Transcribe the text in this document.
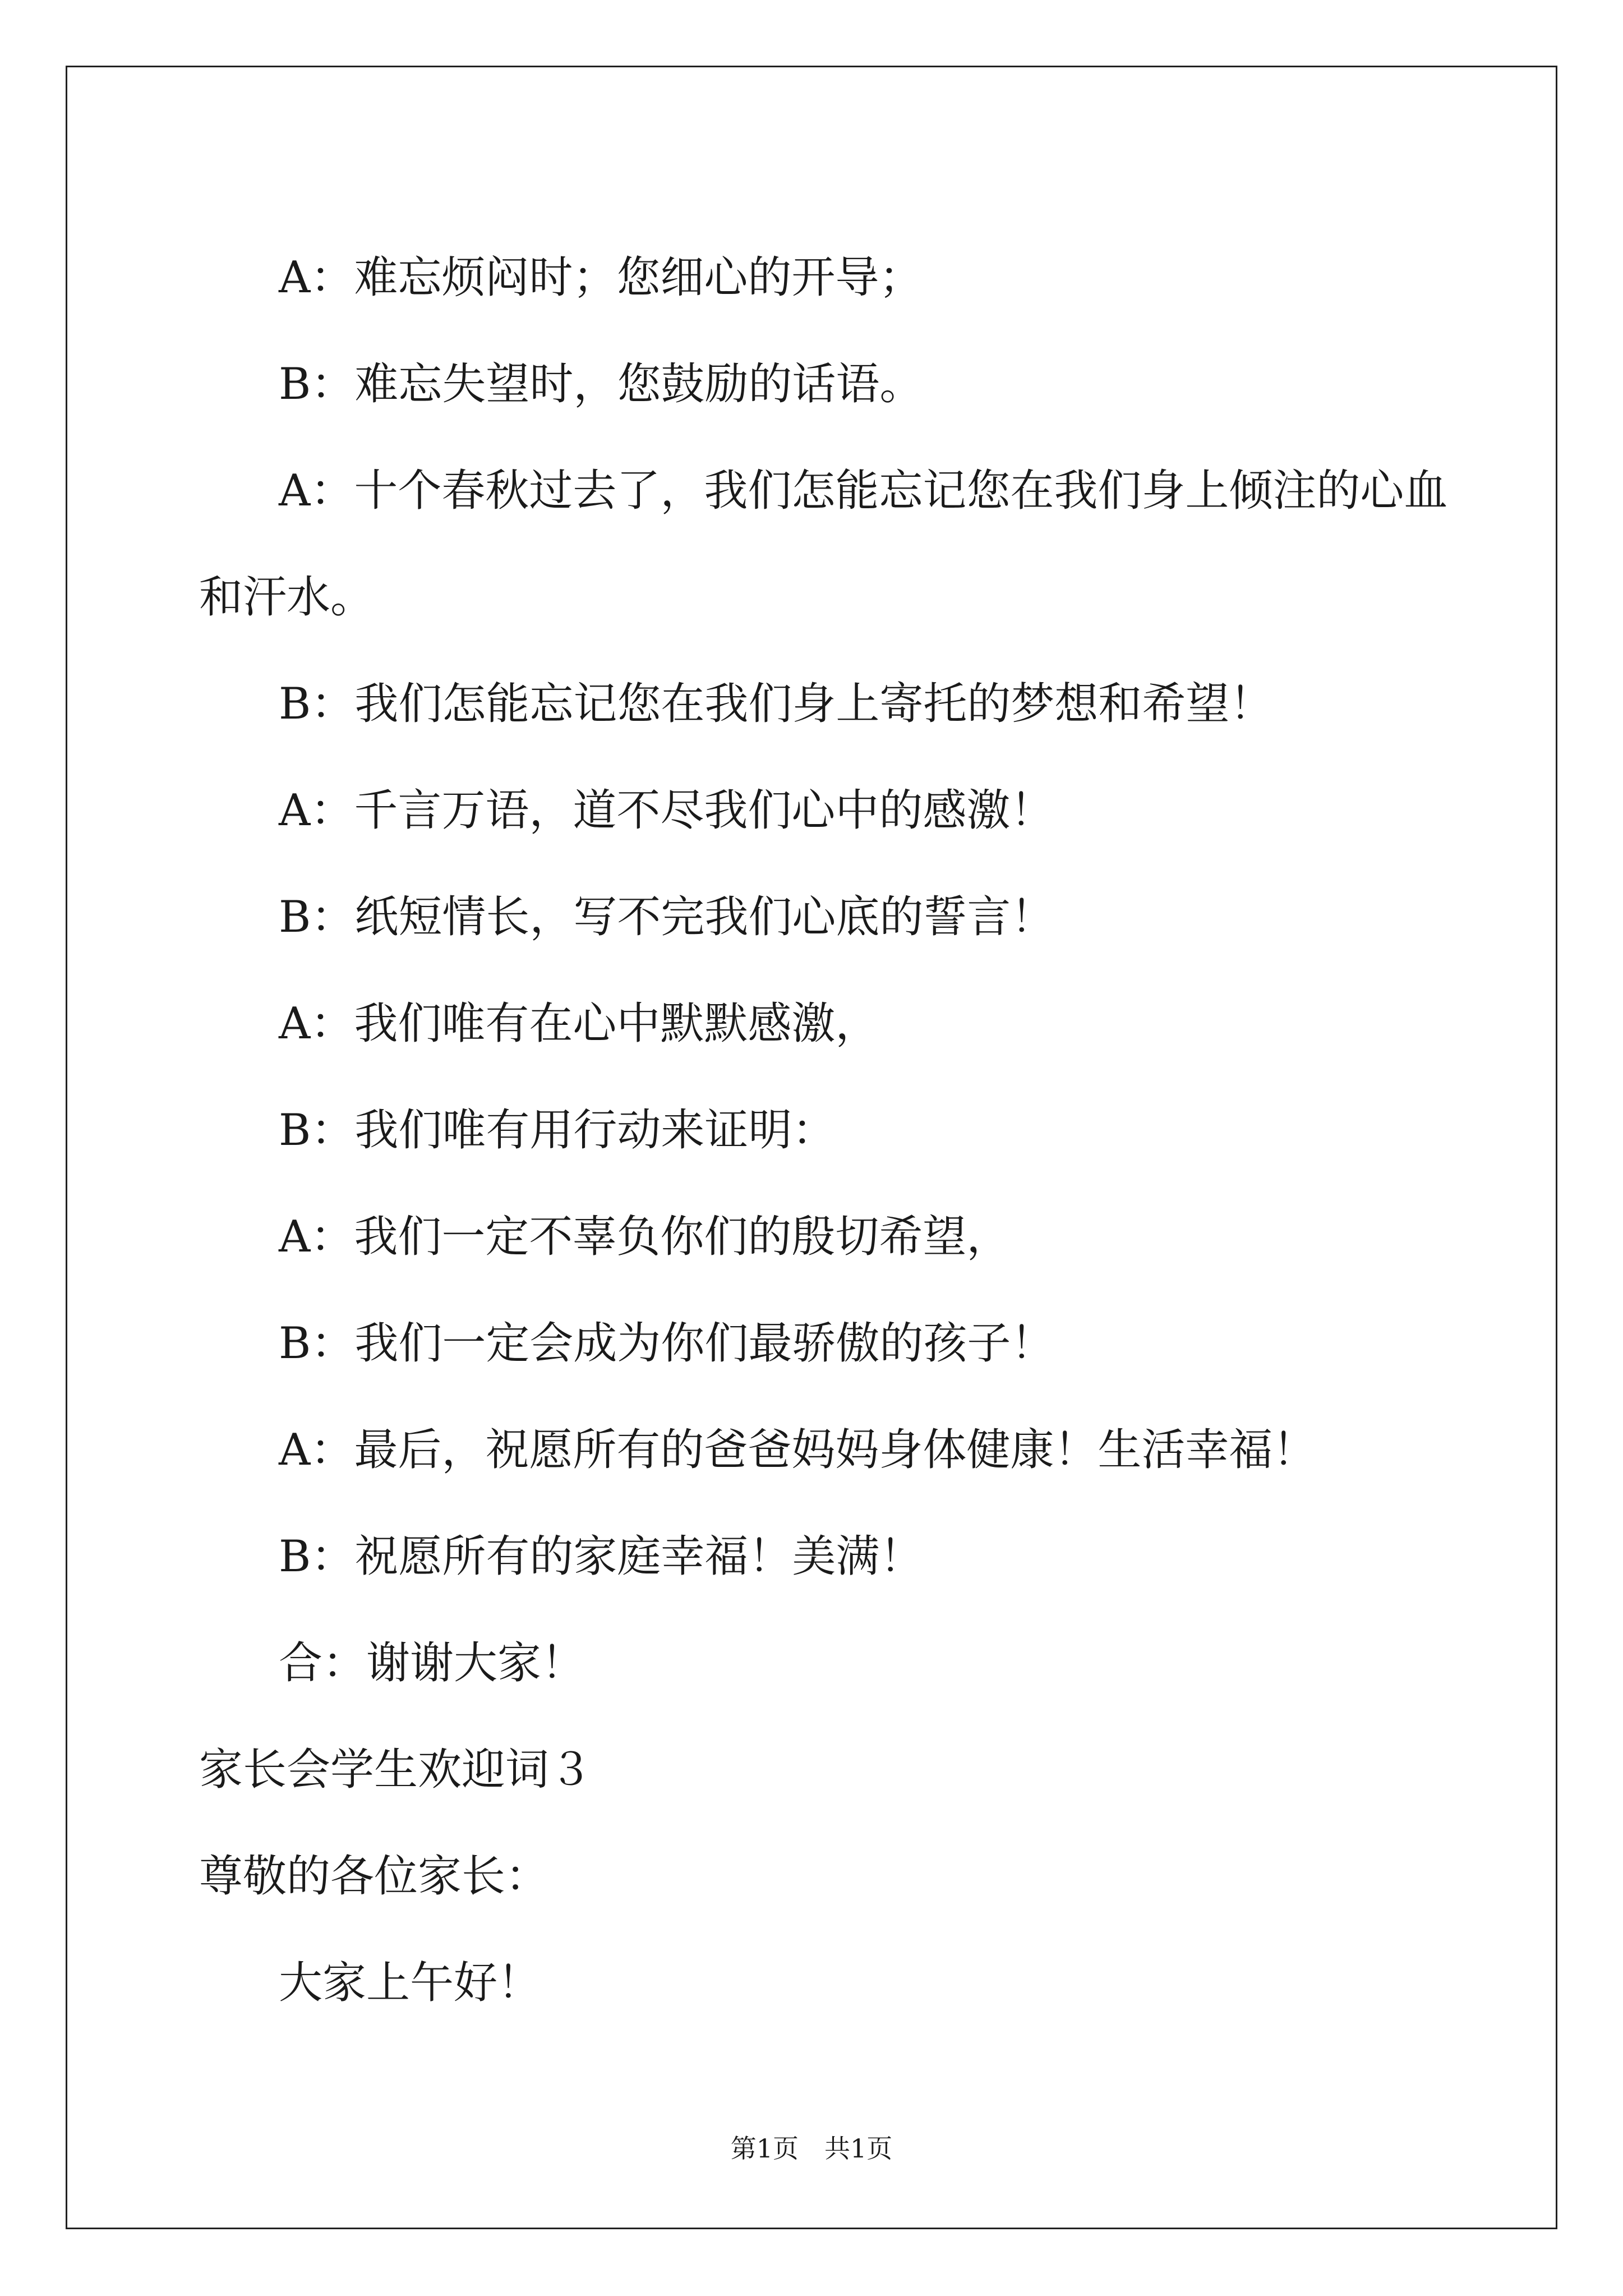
A：难忘烦闷时；您细心的开导；

B：难忘失望时，您鼓励的话语。

A：十个春秋过去了，我们怎能忘记您在我们身上倾注的心血和汗水。

B：我们怎能忘记您在我们身上寄托的梦想和希望！

A：千言万语，道不尽我们心中的感激！

B：纸短情长，写不完我们心底的誓言！

A：我们唯有在心中默默感激，

B：我们唯有用行动来证明：

A：我们一定不辜负你们的殷切希望，

B：我们一定会成为你们最骄傲的孩子！

A：最后，祝愿所有的爸爸妈妈身体健康！生活幸福！

B：祝愿所有的家庭幸福！美满！

合：谢谢大家！

家长会学生欢迎词３

尊敬的各位家长：

大家上午好！

第1页　共1页
